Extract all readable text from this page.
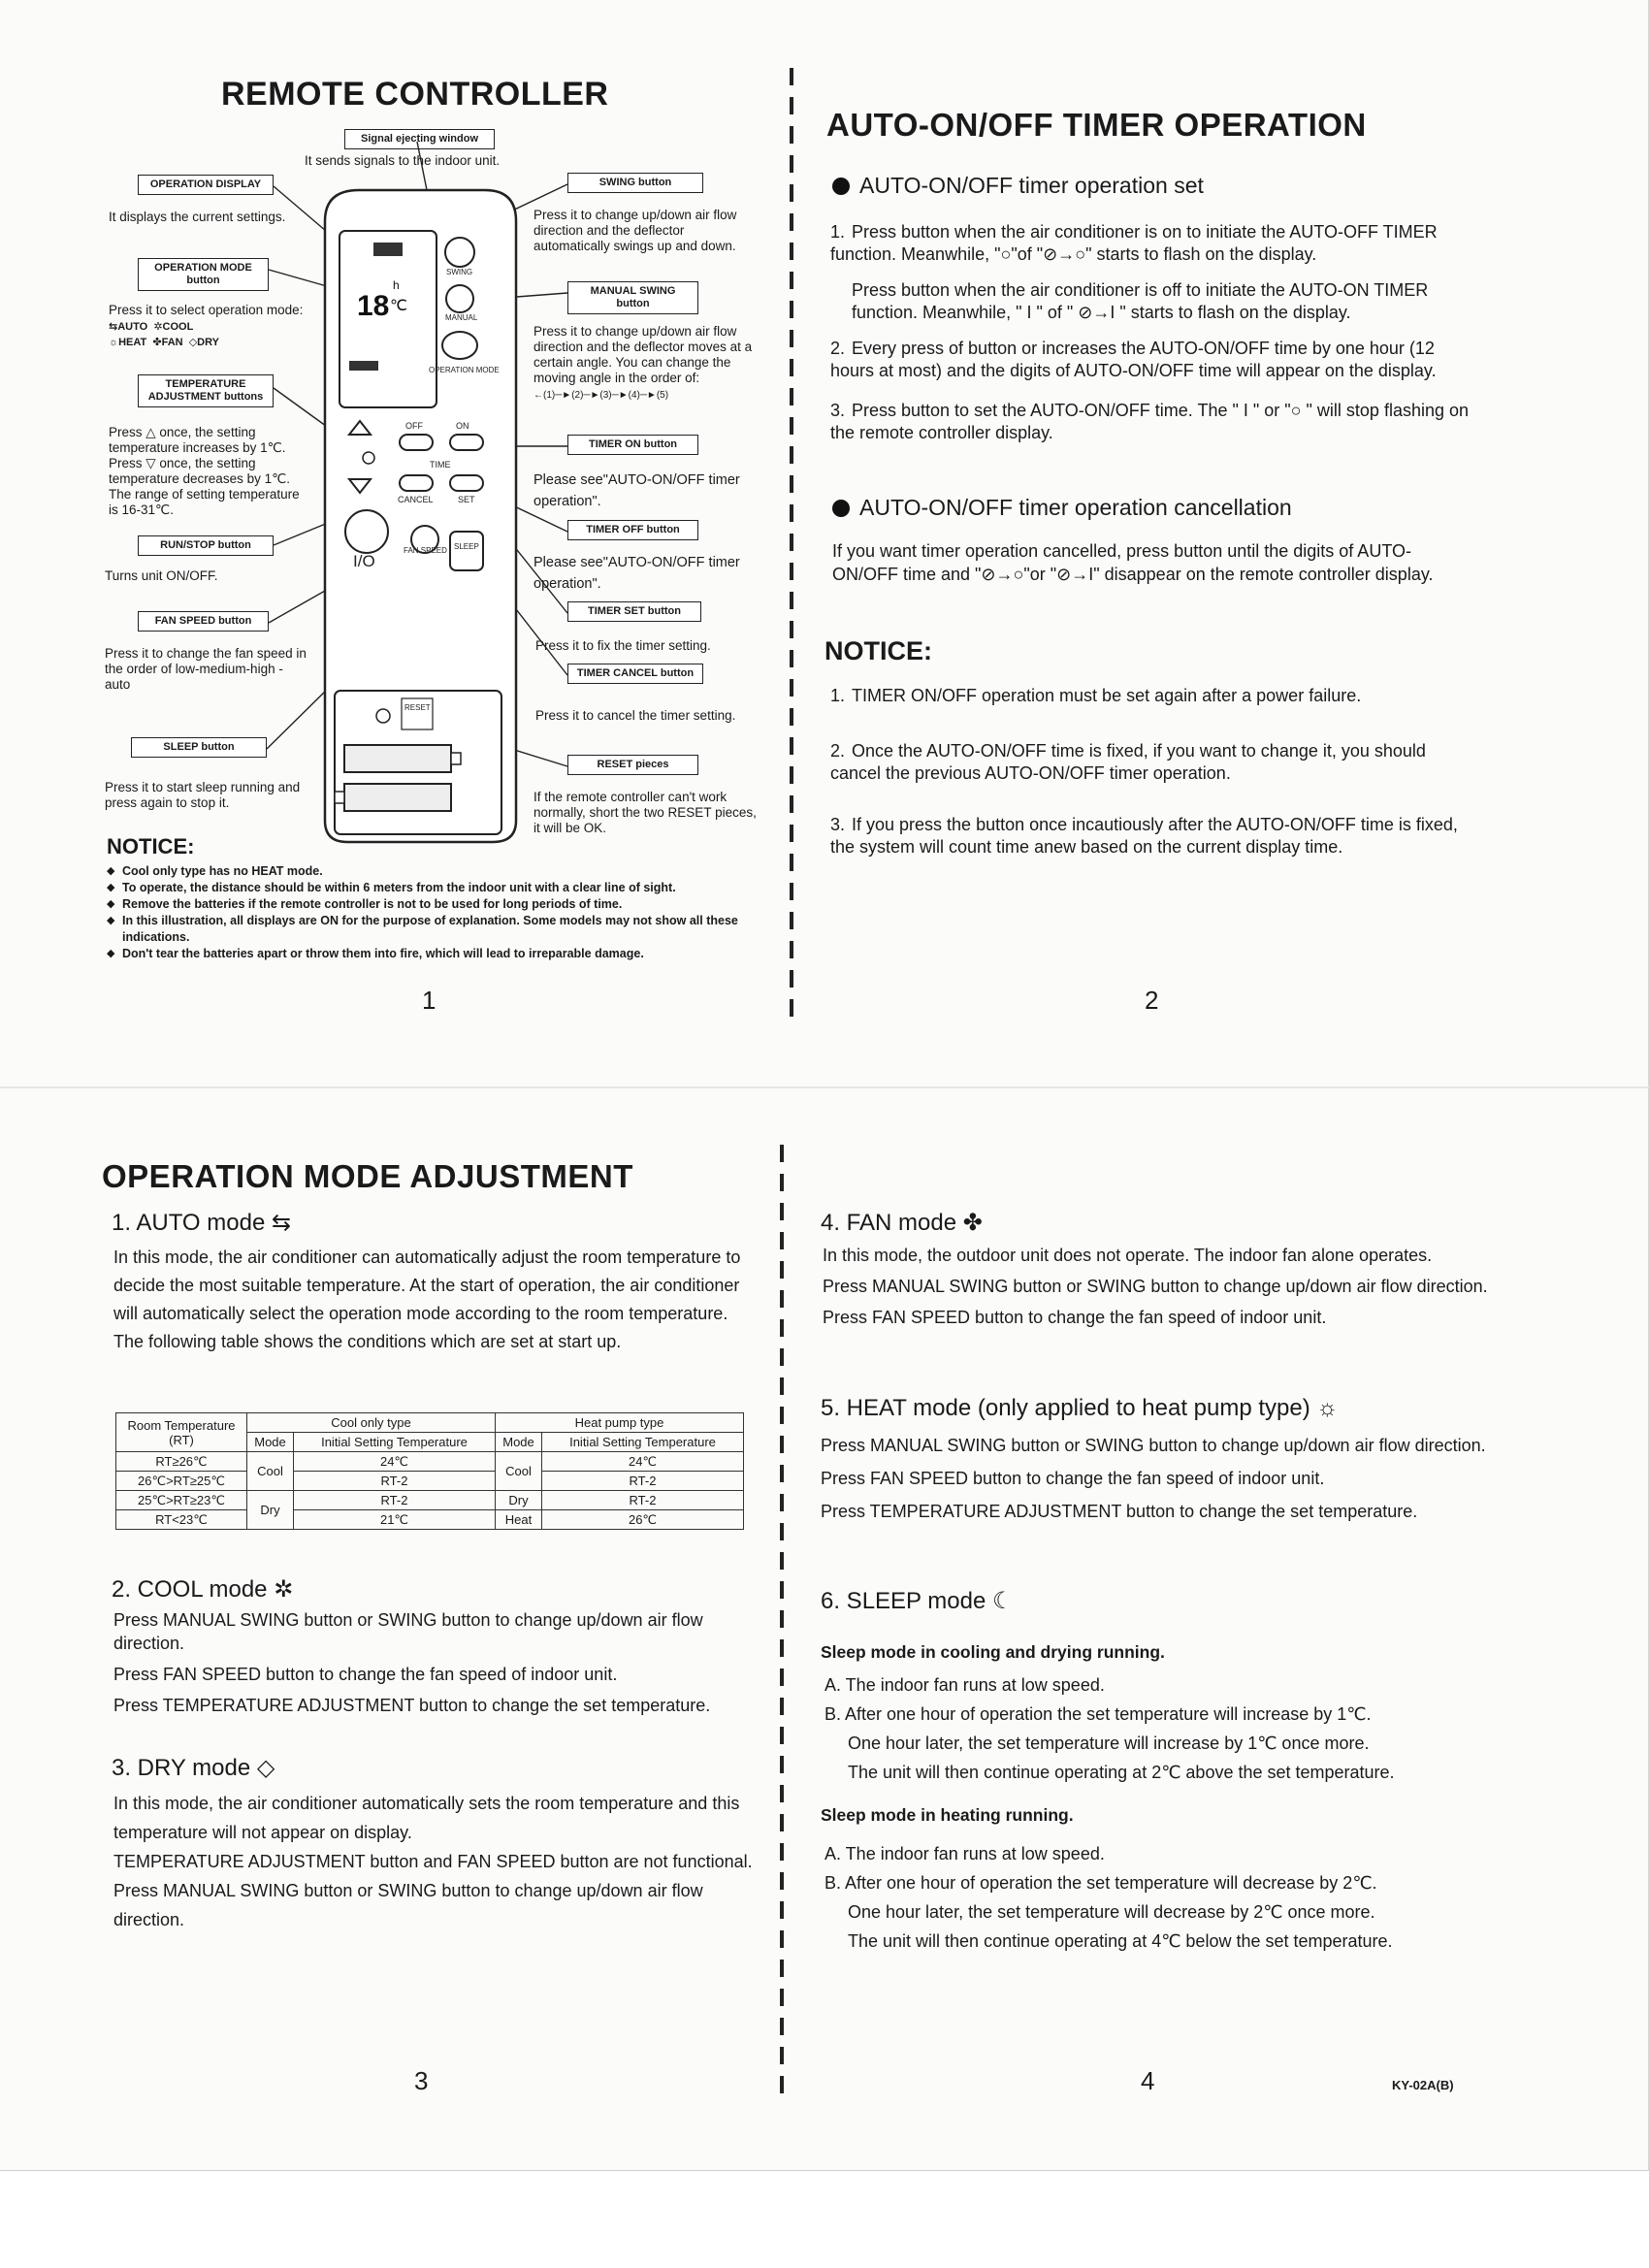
REMOTE CONTROLLER
Signal ejecting window
It sends signals to the indoor unit.
OPERATION DISPLAY
It displays the current settings.
OPERATION MODE button
Press it to select operation mode:
⇆AUTO ✲COOL
☼HEAT ✤FAN ◇DRY
TEMPERATURE ADJUSTMENT buttons
Press △ once, the setting temperature increases by 1℃. Press ▽ once, the setting temperature decreases by 1℃. The range of setting temperature is 16-31℃.
RUN/STOP button
Turns unit ON/OFF.
FAN SPEED button
Press it to change the fan speed in the order of low-medium-high -auto
SLEEP button
Press it to start sleep running and press again to stop it.
SWING button
Press it to change up/down air flow direction and the deflector automatically swings up and down.
MANUAL SWING button
Press it to change up/down air flow direction and the deflector moves at a certain angle. You can change the moving angle in the order of:
←(1)─►(2)─►(3)─►(4)─►(5)
TIMER ON button
Please see"AUTO-ON/OFF timer operation".
TIMER OFF button
Please see"AUTO-ON/OFF timer operation".
TIMER SET button
Press it to fix the timer setting.
TIMER CANCEL button
Press it to cancel the timer setting.
RESET pieces
If the remote controller can't work normally, short the two RESET pieces, it will be OK.
18 ℃
h
SWING
MANUAL
OPERATION MODE
OFF	ON
TIME
CANCEL	SET
I/O
FAN SPEED SLEEP
RESET
NOTICE:
◆ Cool only type has no HEAT mode.
◆ To operate, the distance should be within 6 meters from the indoor unit with a clear line of sight.
◆ Remove the batteries if the remote controller is not to be used for long periods of time.
◆ In this illustration, all displays are ON for the purpose of explanation. Some models may not show all these indications.
◆ Don't tear the batteries apart or throw them into fire, which will lead to irreparable damage.
1
AUTO-ON/OFF TIMER OPERATION
AUTO-ON/OFF timer operation set
1. Press button when the air conditioner is on to initiate the AUTO-OFF TIMER function. Meanwhile, "○"of "⊘→○" starts to flash on the display.
Press button when the air conditioner is off to initiate the AUTO-ON TIMER function. Meanwhile, " I " of " ⊘→I " starts to flash on the display.
2. Every press of button or increases the AUTO-ON/OFF time by one hour (12 hours at most) and the digits of AUTO-ON/OFF time will appear on the display.
3. Press button to set the AUTO-ON/OFF time. The " I " or "○ " will stop flashing on the remote controller display.
AUTO-ON/OFF timer operation cancellation
If you want timer operation cancelled, press button until the digits of AUTO-ON/OFF time and "⊘→○"or "⊘→I" disappear on the remote controller display.
NOTICE:
1. TIMER ON/OFF operation must be set again after a power failure.
2. Once the AUTO-ON/OFF time is fixed, if you want to change it, you should cancel the previous AUTO-ON/OFF timer operation.
3. If you press the button once incautiously after the AUTO-ON/OFF time is fixed, the system will count time anew based on the current display time.
2
OPERATION MODE ADJUSTMENT
1. AUTO mode ⇆
In this mode, the air conditioner can automatically adjust the room temperature to decide the most suitable temperature. At the start of operation, the air conditioner will automatically select the operation mode according to the room temperature. The following table shows the conditions which are set at start up.
Room Temperature (RT)	Cool only type		Heat pump type	
	Mode	Initial Setting Temperature	Mode	Initial Setting Temperature
RT≥26℃	Cool	24℃	Cool	24℃
26℃>RT≥25℃		RT-2		RT-2
25℃>RT≥23℃	Dry	RT-2	Dry	RT-2
RT<23℃		21℃	Heat	26℃
2. COOL mode ✲
Press MANUAL SWING button or SWING button to change up/down air flow direction.
Press FAN SPEED button to change the fan speed of indoor unit.
Press TEMPERATURE ADJUSTMENT button to change the set temperature.
3. DRY mode ◇
In this mode, the air conditioner automatically sets the room temperature and this temperature will not appear on display.
TEMPERATURE ADJUSTMENT button and FAN SPEED button are not functional.
Press MANUAL SWING button or SWING button to change up/down air flow direction.
3
4. FAN mode ✤
In this mode, the outdoor unit does not operate. The indoor fan alone operates.
Press MANUAL SWING button or SWING button to change up/down air flow direction.
Press FAN SPEED button to change the fan speed of indoor unit.
5. HEAT mode (only applied to heat pump type) ☼
Press MANUAL SWING button or SWING button to change up/down air flow direction.
Press FAN SPEED button to change the fan speed of indoor unit.
Press TEMPERATURE ADJUSTMENT button to change the set temperature.
6. SLEEP mode ☾
Sleep mode in cooling and drying running.
A. The indoor fan runs at low speed.
B. After one hour of operation the set temperature will increase by 1℃.
One hour later, the set temperature will increase by 1℃ once more.
The unit will then continue operating at 2℃ above the set temperature.
Sleep mode in heating running.
A. The indoor fan runs at low speed.
B. After one hour of operation the set temperature will decrease by 2℃.
One hour later, the set temperature will decrease by 2℃ once more.
The unit will then continue operating at 4℃ below the set temperature.
4	KY-02A(B)
